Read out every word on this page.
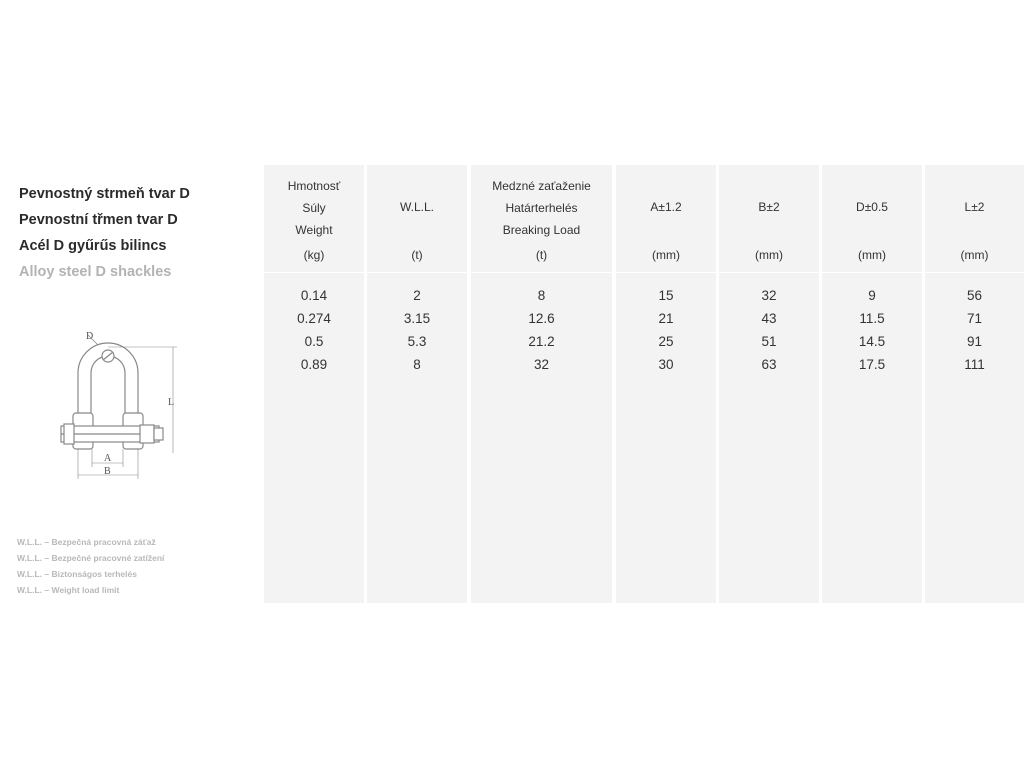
Pevnostný strmeň tvar D
Pevnostní třmen tvar D
Acél D gyűrűs bilincs
Alloy steel D shackles
D
L
A
B
W.L.L. – Bezpečná pracovná záťaž
W.L.L. – Bezpečné pracovné zatížení
W.L.L. – Biztonságos terhelés
W.L.L. – Weight load limit
Hmotnosť
Súly
Weight
(kg)
0.14
0.274
0.5
0.89
W.L.L.
(t)
2
3.15
5.3
8
Medzné zaťaženie
Határterhelés
Breaking Load
(t)
8
12.6
21.2
32
A±1.2
(mm)
15
21
25
30
B±2
(mm)
32
43
51
63
D±0.5
(mm)
9
11.5
14.5
17.5
L±2
(mm)
56
71
91
111
